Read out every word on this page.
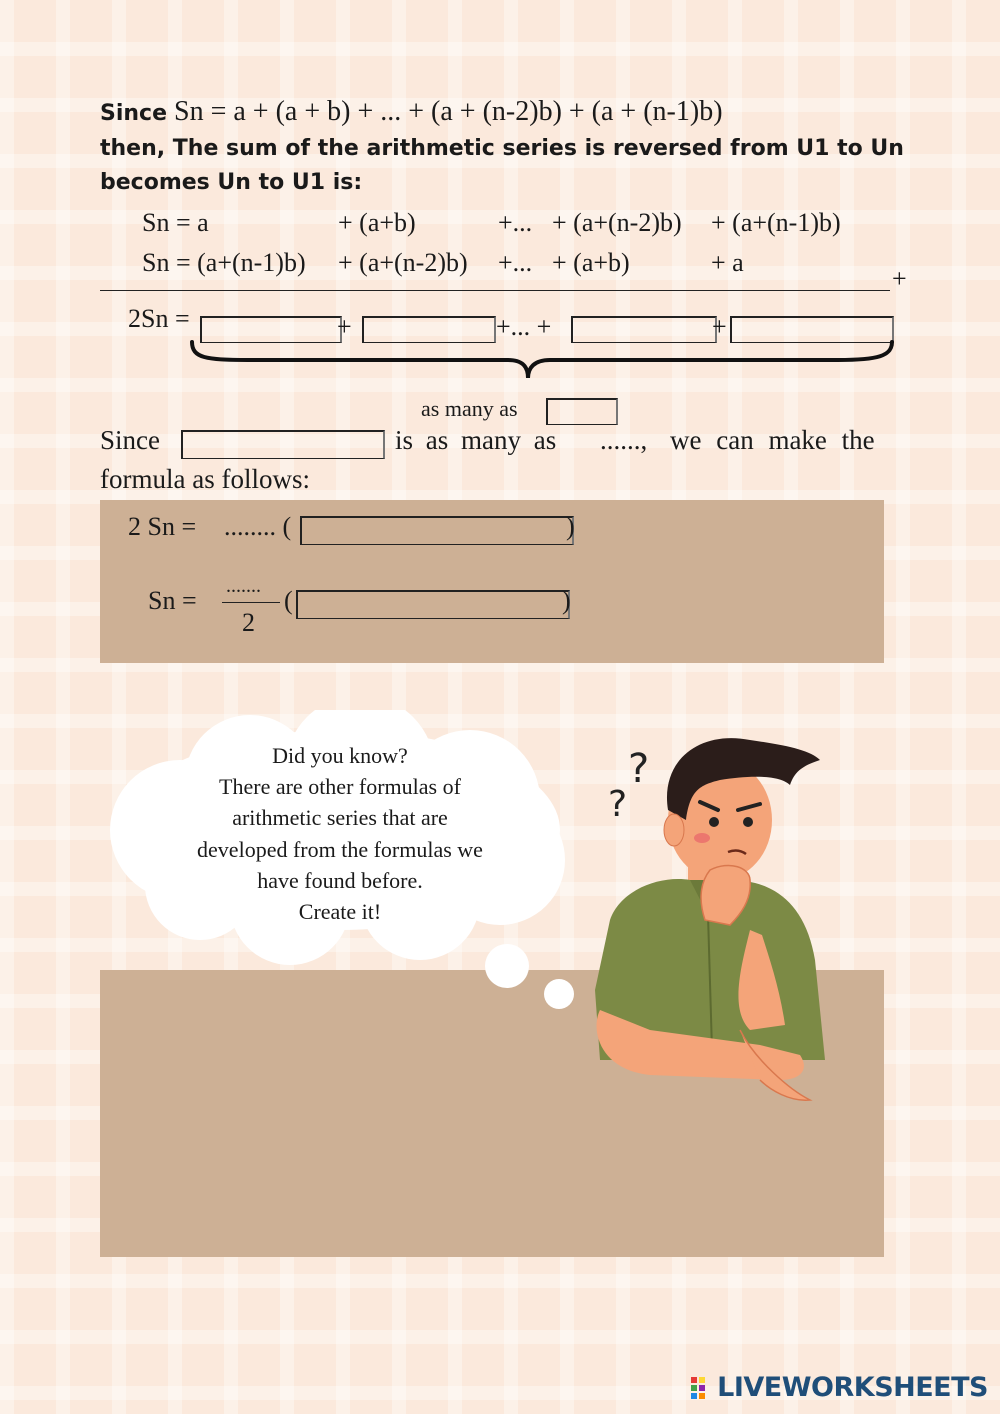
Since Sn = a + (a + b) + ... + (a + (n-2)b) + (a + (n-1)b)
then, The sum of the arithmetic series is reversed from U1 to Un
becomes Un to U1 is:
Sn = a	+ (a+b)	+... + (a+(n-2)b) + (a+(n-1)b)
Sn = (a+(n-1)b) + (a+(n-2)b) +... + (a+b)	+ a
+
2Sn =	+	+... +	+
as many as
Since	is as many as ......, we can make the
formula as follows:
2 Sn = ........ (	)
Sn = .......
2
(	)
Did you know?
There are other formulas of
arithmetic series that are
developed from the formulas we
have found before.
Create it!
?
?
LIVEWORKSHEETS
